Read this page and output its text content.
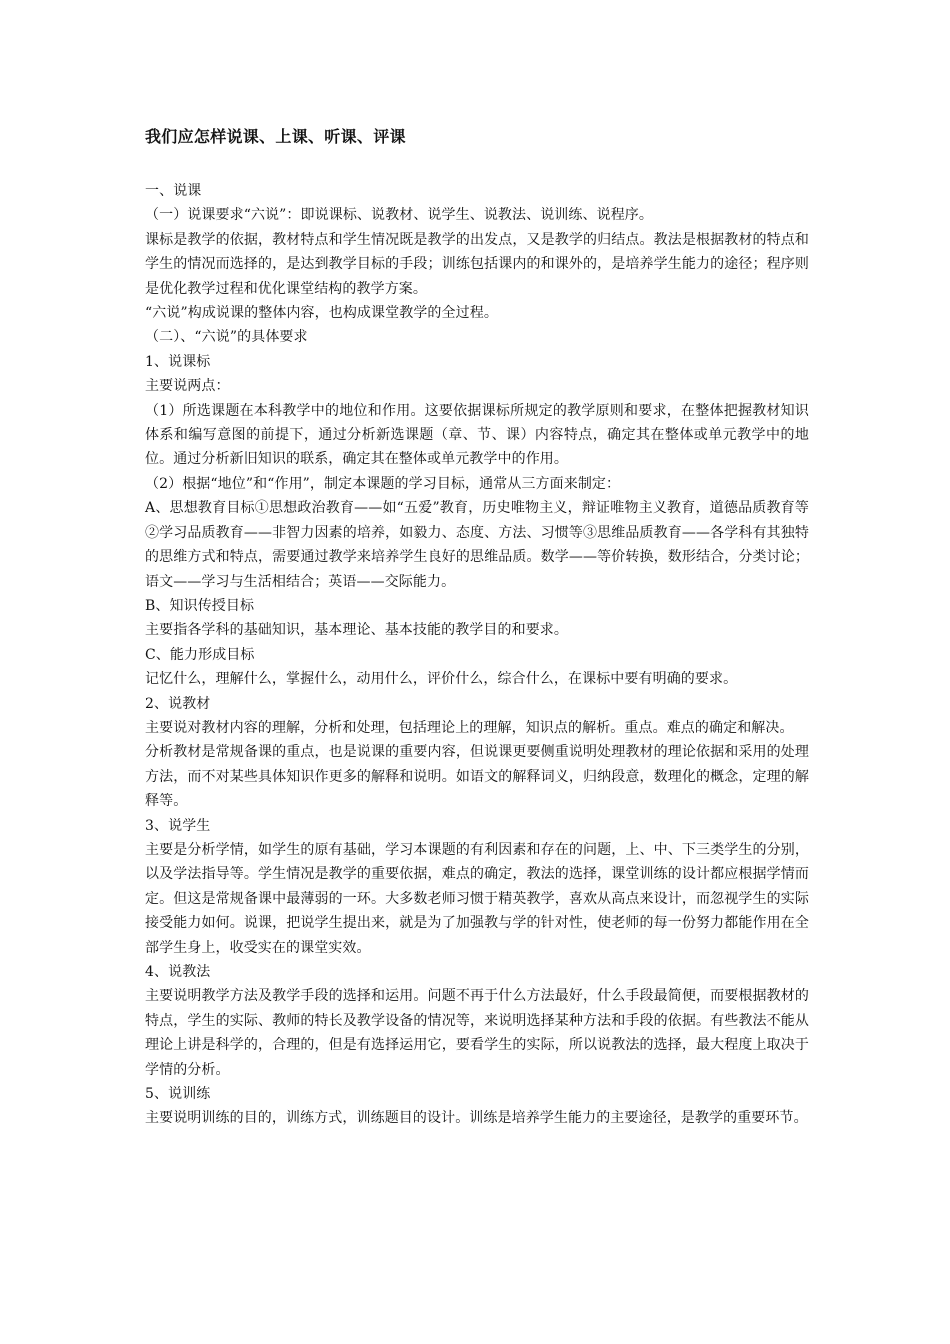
我们应怎样说课、上课、听课、评课

一、说课

（一）说课要求“六说”：即说课标、说教材、说学生、说教法、说训练、说程序。

课标是教学的依据，教材特点和学生情况既是教学的出发点，又是教学的归结点。教法是根据教材的特点和学生的情况而选择的，是达到教学目标的手段；训练包括课内的和课外的，是培养学生能力的途径；程序则是优化教学过程和优化课堂结构的教学方案。

“六说”构成说课的整体内容，也构成课堂教学的全过程。

（二）、“六说”的具体要求

1、说课标

主要说两点：

（1）所选课题在本科教学中的地位和作用。这要依据课标所规定的教学原则和要求，在整体把握教材知识体系和编写意图的前提下，通过分析新选课题（章、节、课）内容特点，确定其在整体或单元教学中的地位。通过分析新旧知识的联系，确定其在整体或单元教学中的作用。

（2）根据“地位”和“作用”，制定本课题的学习目标，通常从三方面来制定：

A、思想教育目标①思想政治教育——如“五爱”教育，历史唯物主义，辩证唯物主义教育，道德品质教育等②学习品质教育——非智力因素的培养，如毅力、态度、方法、习惯等③思维品质教育——各学科有其独特的思维方式和特点，需要通过教学来培养学生良好的思维品质。数学——等价转换，数形结合，分类讨论；语文——学习与生活相结合；英语——交际能力。

B、知识传授目标

主要指各学科的基础知识，基本理论、基本技能的教学目的和要求。

C、能力形成目标

记忆什么，理解什么，掌握什么，动用什么，评价什么，综合什么，在课标中要有明确的要求。

2、说教材

主要说对教材内容的理解，分析和处理，包括理论上的理解，知识点的解析。重点。难点的确定和解决。

分析教材是常规备课的重点，也是说课的重要内容，但说课更要侧重说明处理教材的理论依据和采用的处理方法，而不对某些具体知识作更多的解释和说明。如语文的解释词义，归纳段意，数理化的概念，定理的解释等。

3、说学生

主要是分析学情，如学生的原有基础，学习本课题的有利因素和存在的问题，上、中、下三类学生的分别，以及学法指导等。学生情况是教学的重要依据，难点的确定，教法的选择，课堂训练的设计都应根据学情而定。但这是常规备课中最薄弱的一环。大多数老师习惯于精英教学，喜欢从高点来设计，而忽视学生的实际接受能力如何。说课，把说学生提出来，就是为了加强教与学的针对性，使老师的每一份努力都能作用在全部学生身上，收受实在的课堂实效。

4、说教法

主要说明教学方法及教学手段的选择和运用。问题不再于什么方法最好，什么手段最简便，而要根据教材的特点，学生的实际、教师的特长及教学设备的情况等，来说明选择某种方法和手段的依据。有些教法不能从理论上讲是科学的，合理的，但是有选择运用它，要看学生的实际，所以说教法的选择，最大程度上取决于学情的分析。

5、说训练

主要说明训练的目的，训练方式，训练题目的设计。训练是培养学生能力的主要途径，是教学的重要环节。
